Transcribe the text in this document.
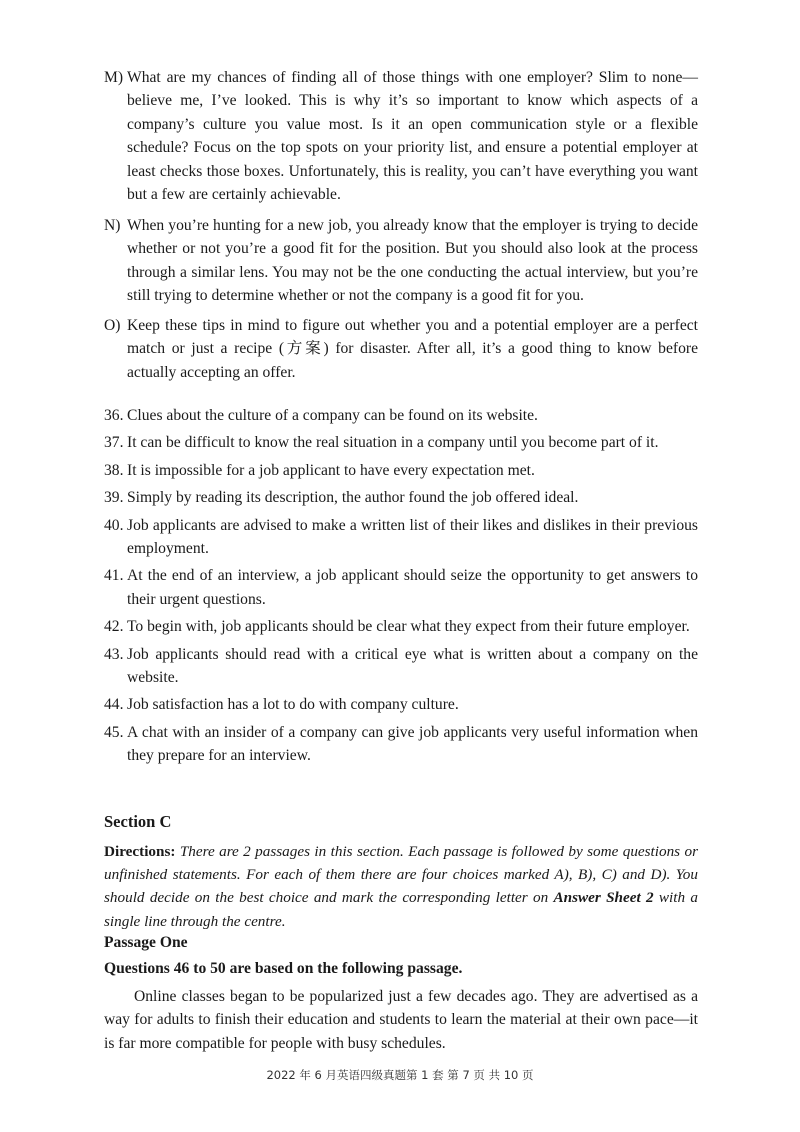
M) What are my chances of finding all of those things with one employer? Slim to none—believe me, I’ve looked. This is why it’s so important to know which aspects of a company’s culture you value most. Is it an open communication style or a flexible schedule? Focus on the top spots on your priority list, and ensure a potential employer at least checks those boxes. Unfortunately, this is reality, you can’t have everything you want but a few are certainly achievable.
N) When you’re hunting for a new job, you already know that the employer is trying to decide whether or not you’re a good fit for the position. But you should also look at the process through a similar lens. You may not be the one conducting the actual interview, but you’re still trying to determine whether or not the company is a good fit for you.
O) Keep these tips in mind to figure out whether you and a potential employer are a perfect match or just a recipe (方案) for disaster. After all, it’s a good thing to know before actually accepting an offer.
36. Clues about the culture of a company can be found on its website.
37. It can be difficult to know the real situation in a company until you become part of it.
38. It is impossible for a job applicant to have every expectation met.
39. Simply by reading its description, the author found the job offered ideal.
40. Job applicants are advised to make a written list of their likes and dislikes in their previous employment.
41. At the end of an interview, a job applicant should seize the opportunity to get answers to their urgent questions.
42. To begin with, job applicants should be clear what they expect from their future employer.
43. Job applicants should read with a critical eye what is written about a company on the website.
44. Job satisfaction has a lot to do with company culture.
45. A chat with an insider of a company can give job applicants very useful information when they prepare for an interview.
Section C
Directions: There are 2 passages in this section. Each passage is followed by some questions or unfinished statements. For each of them there are four choices marked A), B), C) and D). You should decide on the best choice and mark the corresponding letter on Answer Sheet 2 with a single line through the centre.
Passage One
Questions 46 to 50 are based on the following passage.
Online classes began to be popularized just a few decades ago. They are advertised as a way for adults to finish their education and students to learn the material at their own pace—it is far more compatible for people with busy schedules.
2022 年 6 月英语四级真题第 1 套 第 7 页 共 10 页
